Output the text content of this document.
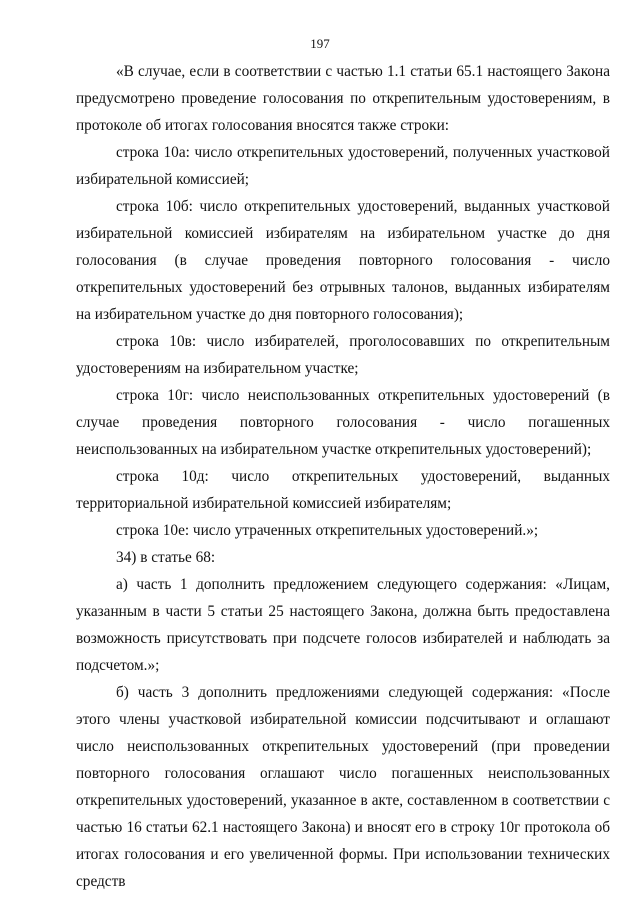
197

«В случае, если в соответствии с частью 1.1 статьи 65.1 настоящего Закона предусмотрено проведение голосования по открепительным удостоверениям, в протоколе об итогах голосования вносятся также строки:

строка 10а: число открепительных удостоверений, полученных участковой избирательной комиссией;

строка 10б: число открепительных удостоверений, выданных участковой избирательной комиссией избирателям на избирательном участке до дня голосования (в случае проведения повторного голосования - число открепительных удостоверений без отрывных талонов, выданных избирателям на избирательном участке до дня повторного голосования);

строка 10в: число избирателей, проголосовавших по открепительным удостоверениям на избирательном участке;

строка 10г: число неиспользованных открепительных удостоверений (в случае проведения повторного голосования - число погашенных неиспользованных на избирательном участке открепительных удостоверений);

строка 10д: число открепительных удостоверений, выданных территориальной избирательной комиссией избирателям;

строка 10е: число утраченных открепительных удостоверений.»;

34) в статье 68:

а) часть 1 дополнить предложением следующего содержания: «Лицам, указанным в части 5 статьи 25 настоящего Закона, должна быть предоставлена возможность присутствовать при подсчете голосов избирателей и наблюдать за подсчетом.»;

б) часть 3 дополнить предложениями следующей содержания: «После этого члены участковой избирательной комиссии подсчитывают и оглашают число неиспользованных открепительных удостоверений (при проведении повторного голосования оглашают число погашенных неиспользованных открепительных удостоверений, указанное в акте, составленном в соответствии с частью 16 статьи 62.1 настоящего Закона) и вносят его в строку 10г протокола об итогах голосования и его увеличенной формы. При использовании технических средств
